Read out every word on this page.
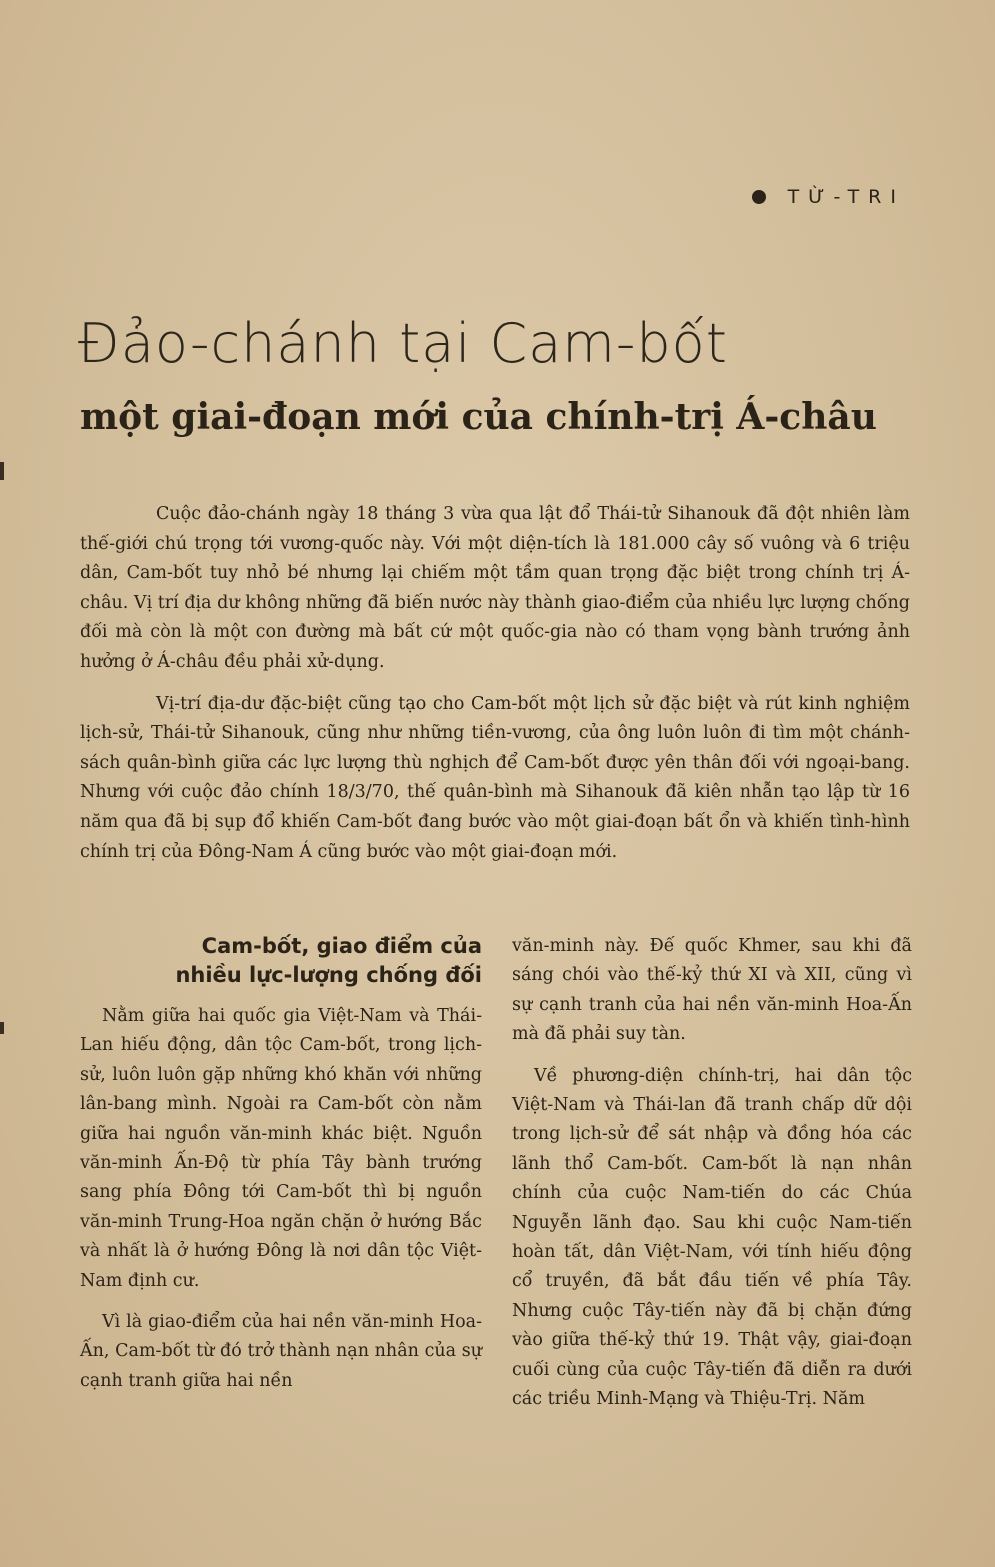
TỪ-TRI
Đảo-chánh tại Cam-bốt
một giai-đoạn mới của chính-trị Á-châu

Cuộc đảo-chánh ngày 18 tháng 3 vừa qua lật đổ Thái-tử Sihanouk đã đột nhiên làm thế-giới chú trọng tới vương-quốc này. Với một diện-tích là 181.000 cây số vuông và 6 triệu dân, Cam-bốt tuy nhỏ bé nhưng lại chiếm một tầm quan trọng đặc biệt trong chính trị Á-châu. Vị trí địa dư không những đã biến nước này thành giao-điểm của nhiều lực lượng chống đối mà còn là một con đường mà bất cứ một quốc-gia nào có tham vọng bành trướng ảnh hưởng ở Á-châu đều phải xử-dụng.

Vị-trí địa-dư đặc-biệt cũng tạo cho Cam-bốt một lịch sử đặc biệt và rút kinh nghiệm lịch-sử, Thái-tử Sihanouk, cũng như những tiền-vương, của ông luôn luôn đi tìm một chánh-sách quân-bình giữa các lực lượng thù nghịch để Cam-bốt được yên thân đối với ngoại-bang. Nhưng với cuộc đảo chính 18/3/70, thế quân-bình mà Sihanouk đã kiên nhẫn tạo lập từ 16 năm qua đã bị sụp đổ khiến Cam-bốt đang bước vào một giai-đoạn bất ổn và khiến tình-hình chính trị của Đông-Nam Á cũng bước vào một giai-đoạn mới.

Cam-bốt, giao điểm của
nhiều lực-lượng chống đối

Nằm giữa hai quốc gia Việt-Nam và Thái-Lan hiếu động, dân tộc Cam-bốt, trong lịch-sử, luôn luôn gặp những khó khăn với những lân-bang mình. Ngoài ra Cam-bốt còn nằm giữa hai nguồn văn-minh khác biệt. Nguồn văn-minh Ấn-Độ từ phía Tây bành trướng sang phía Đông tới Cam-bốt thì bị nguồn văn-minh Trung-Hoa ngăn chặn ở hướng Bắc và nhất là ở hướng Đông là nơi dân tộc Việt-Nam định cư.

Vì là giao-điểm của hai nền văn-minh Hoa-Ấn, Cam-bốt từ đó trở thành nạn nhân của sự cạnh tranh giữa hai nền

văn-minh này. Đế quốc Khmer, sau khi đã sáng chói vào thế-kỷ thứ XI và XII, cũng vì sự cạnh tranh của hai nền văn-minh Hoa-Ấn mà đã phải suy tàn.

Về phương-diện chính-trị, hai dân tộc Việt-Nam và Thái-lan đã tranh chấp dữ dội trong lịch-sử để sát nhập và đồng hóa các lãnh thổ Cam-bốt. Cam-bốt là nạn nhân chính của cuộc Nam-tiến do các Chúa Nguyễn lãnh đạo. Sau khi cuộc Nam-tiến hoàn tất, dân Việt-Nam, với tính hiếu động cổ truyền, đã bắt đầu tiến về phía Tây. Nhưng cuộc Tây-tiến này đã bị chặn đứng vào giữa thế-kỷ thứ 19. Thật vậy, giai-đoạn cuối cùng của cuộc Tây-tiến đã diễn ra dưới các triều Minh-Mạng và Thiệu-Trị. Năm
